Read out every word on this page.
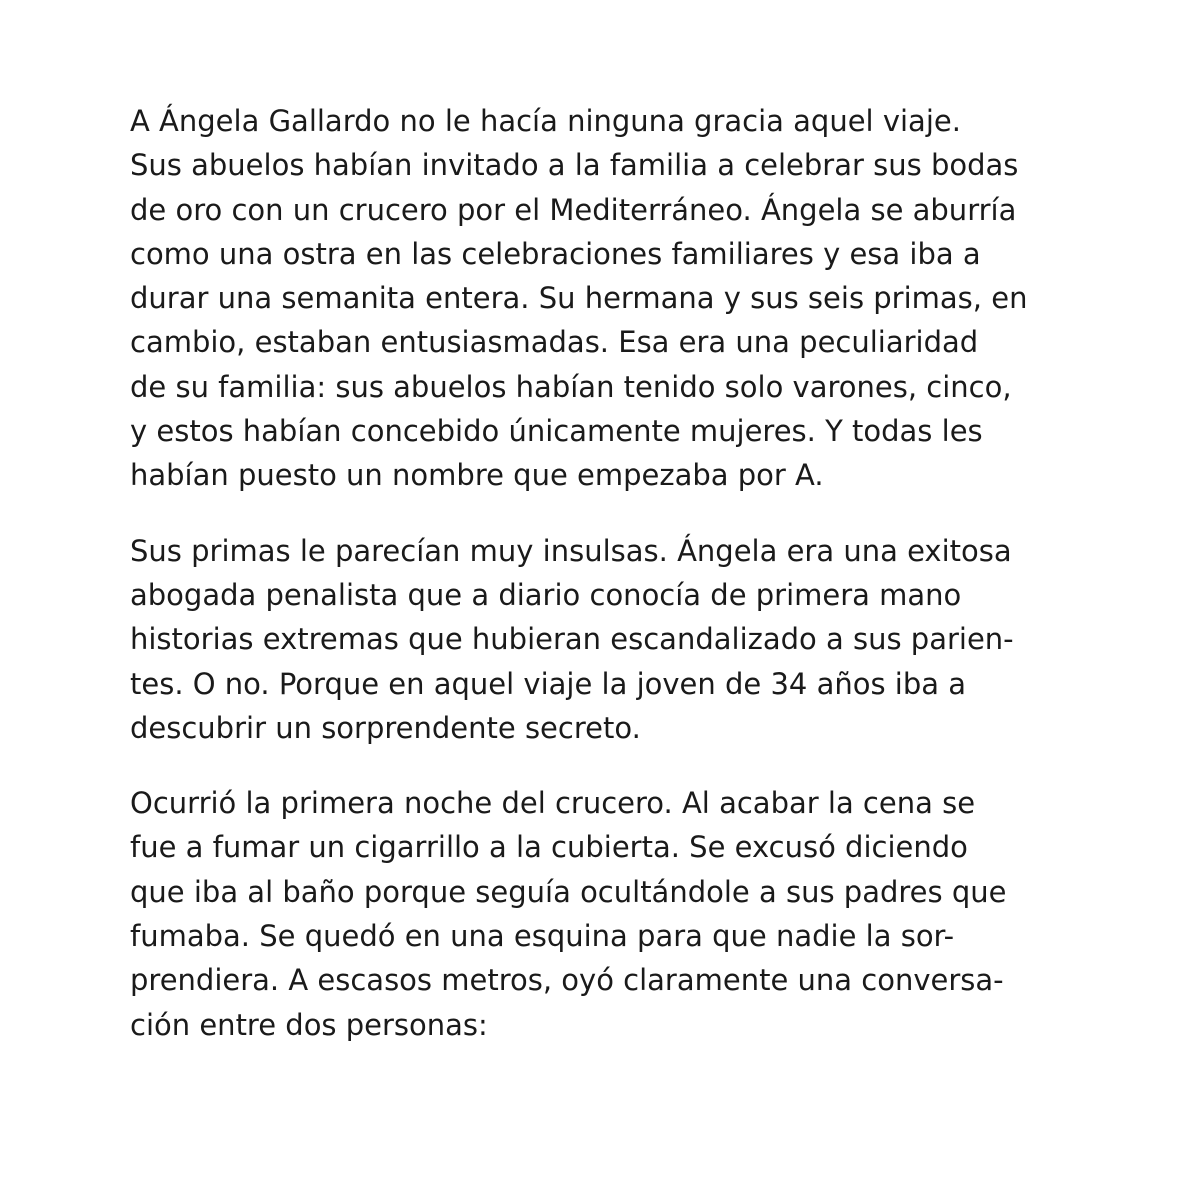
A Ángela Gallardo no le hacía ninguna gracia aquel viaje.
Sus abuelos habían invitado a la familia a celebrar sus bodas
de oro con un crucero por el Mediterráneo. Ángela se aburría
como una ostra en las celebraciones familiares y esa iba a
durar una semanita entera. Su hermana y sus seis primas, en
cambio, estaban entusiasmadas. Esa era una peculiaridad
de su familia: sus abuelos habían tenido solo varones, cinco,
y estos habían concebido únicamente mujeres. Y todas les
habían puesto un nombre que empezaba por A.

Sus primas le parecían muy insulsas. Ángela era una exitosa
abogada penalista que a diario conocía de primera mano
historias extremas que hubieran escandalizado a sus parien-
tes. O no. Porque en aquel viaje la joven de 34 años iba a
descubrir un sorprendente secreto.

Ocurrió la primera noche del crucero. Al acabar la cena se
fue a fumar un cigarrillo a la cubierta. Se excusó diciendo
que iba al baño porque seguía ocultándole a sus padres que
fumaba. Se quedó en una esquina para que nadie la sor-
prendiera. A escasos metros, oyó claramente una conversa-
ción entre dos personas:
